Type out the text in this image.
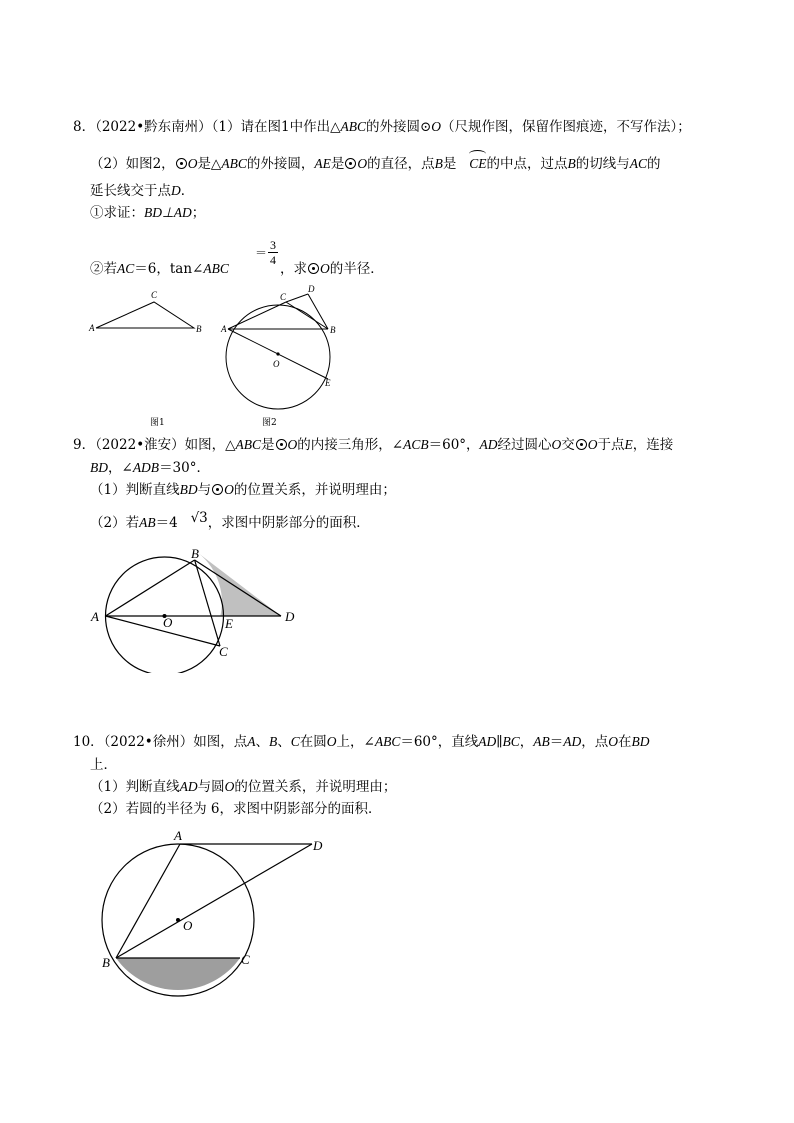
8．（2022•黔东南州）（1）请在图1中作出△ABC的外接圆⊙O（尺规作图，保留作图痕迹，不写作法）；
（2）如图2， O是△ABC的外接圆，AE是 O的直径，点B是 CE的中点，过点B的切线与AC的
延长线交于点D．
①求证：BD⊥AD；
②若AC＝6，tan∠ABC
＝ $\frac{3}{4}$
，求 O的半径．
A	B
C
图1
A	B
C
D
E
O
图2
9．（2022•淮安）如图，△ABC是 O的内接三角形，∠ACB＝60°，AD经过圆心O交 O于点E，连接
BD，∠ADB＝30°．
（1）判断直线BD与 O的位置关系，并说明理由；
（2）若AB＝4 √3，求图中阴影部分的面积．
A
B
C
D
E
O
10．（2022•徐州）如图，点A、B、C在圆O上，∠ABC＝60°，直线AD∥BC，AB＝AD，点O在BD
上．
（1）判断直线AD与圆O的位置关系，并说明理由；
（2）若圆的半径为 6，求图中阴影部分的面积．
A
B	C
D
O
